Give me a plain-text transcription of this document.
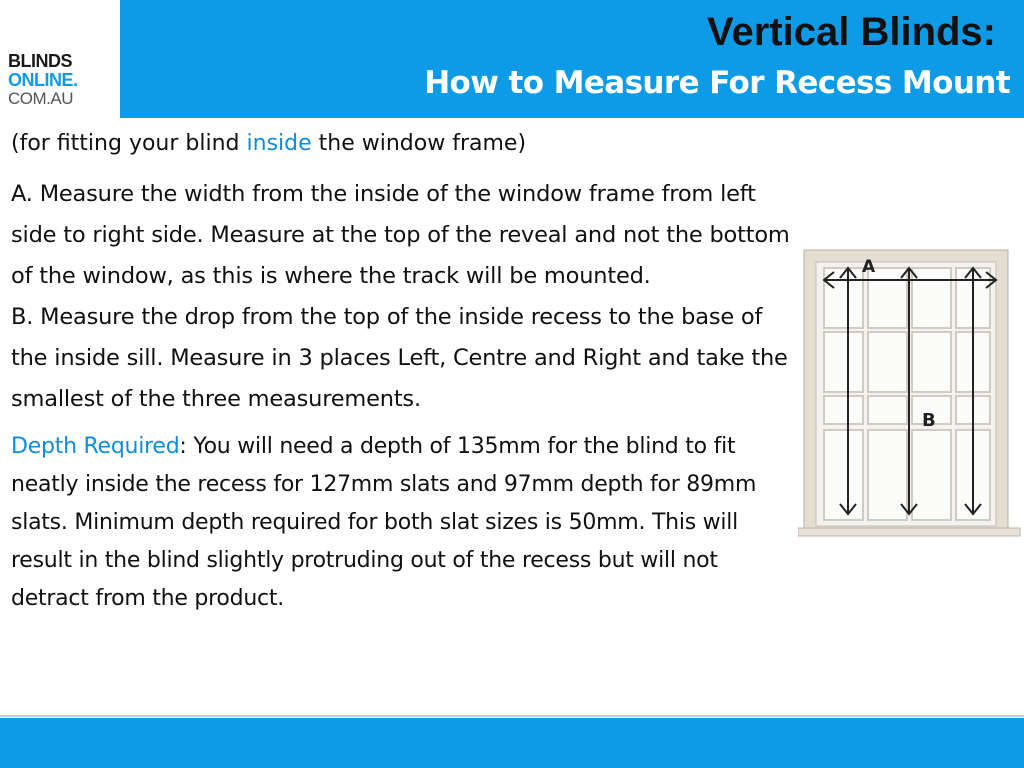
Vertical Blinds:
How to Measure For Recess Mount
BLINDS
ONLINE.
COM.AU

(for fitting your blind inside the window frame)

A. Measure the width from the inside of the window frame from left side to right side. Measure at the top of the reveal and not the bottom of the window, as this is where the track will be mounted.
B. Measure the drop from the top of the inside recess to the base of the inside sill. Measure in 3 places Left, Centre and Right and take the smallest of the three measurements.

Depth Required: You will need a depth of 135mm for the blind to fit neatly inside the recess for 127mm slats and 97mm depth for 89mm slats. Minimum depth required for both slat sizes is 50mm. This will result in the blind slightly protruding out of the recess but will not detract from the product.

A
B
